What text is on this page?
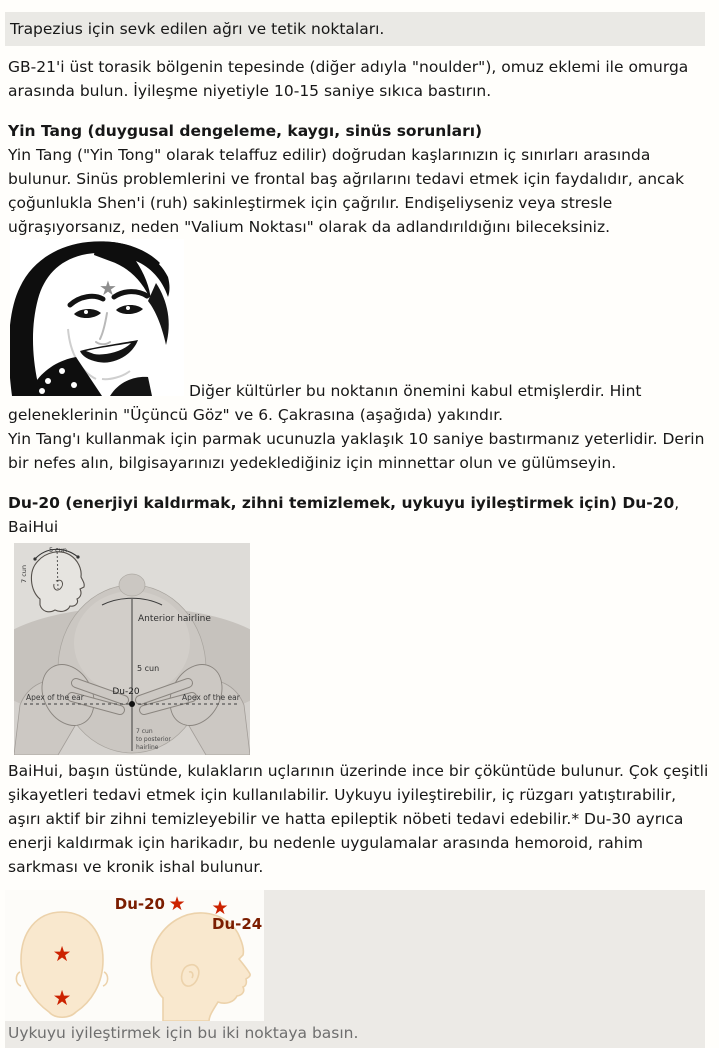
Trapezius için sevk edilen ağrı ve tetik noktaları.

GB-21'i üst torasik bölgenin tepesinde (diğer adıyla "noulder"), omuz eklemi ile omurga arasında bulun. İyileşme niyetiyle 10-15 saniye sıkıca bastırın.

Yin Tang (duygusal dengeleme, kaygı, sinüs sorunları)

Yin Tang ("Yin Tong" olarak telaffuz edilir) doğrudan kaşlarınızın iç sınırları arasında bulunur. Sinüs problemlerini ve frontal baş ağrılarını tedavi etmek için faydalıdır, ancak çoğunlukla Shen'i (ruh) sakinleştirmek için çağrılır. Endişeliyseniz veya stresle uğraşıyorsanız, neden "Valium Noktası" olarak da adlandırıldığını bileceksiniz.

★
Diğer kültürler bu noktanın önemini kabul etmişlerdir. Hint geleneklerinin "Üçüncü Göz" ve 6. Çakrasına (aşağıda) yakındır.

Yin Tang'ı kullanmak için parmak ucunuzla yaklaşık 10 saniye bastırmanız yeterlidir. Derin bir nefes alın, bilgisayarınızı yedeklediğiniz için minnettar olun ve gülümseyin.

Du-20 (enerjiyi kaldırmak, zihni temizlemek, uykuyu iyileştirmek için) Du-20, BaiHui

Anterior hairline
5 cun
Du-20
Apex of the ear	Apex of the ear
7 cun
to posterior
hairline
5 cun
7 cun

BaiHui, başın üstünde, kulakların uçlarının üzerinde ince bir çöküntüde bulunur. Çok çeşitli şikayetleri tedavi etmek için kullanılabilir. Uykuyu iyileştirebilir, iç rüzgarı yatıştırabilir, aşırı aktif bir zihni temizleyebilir ve hatta epileptik nöbeti tedavi edebilir.* Du-30 ayrıca enerji kaldırmak için harikadır, bu nedenle uygulamalar arasında hemoroid, rahim sarkması ve kronik ishal bulunur.

★
★
★ ★
Du-20
Du-24
Uykuyu iyileştirmek için bu iki noktaya basın.
